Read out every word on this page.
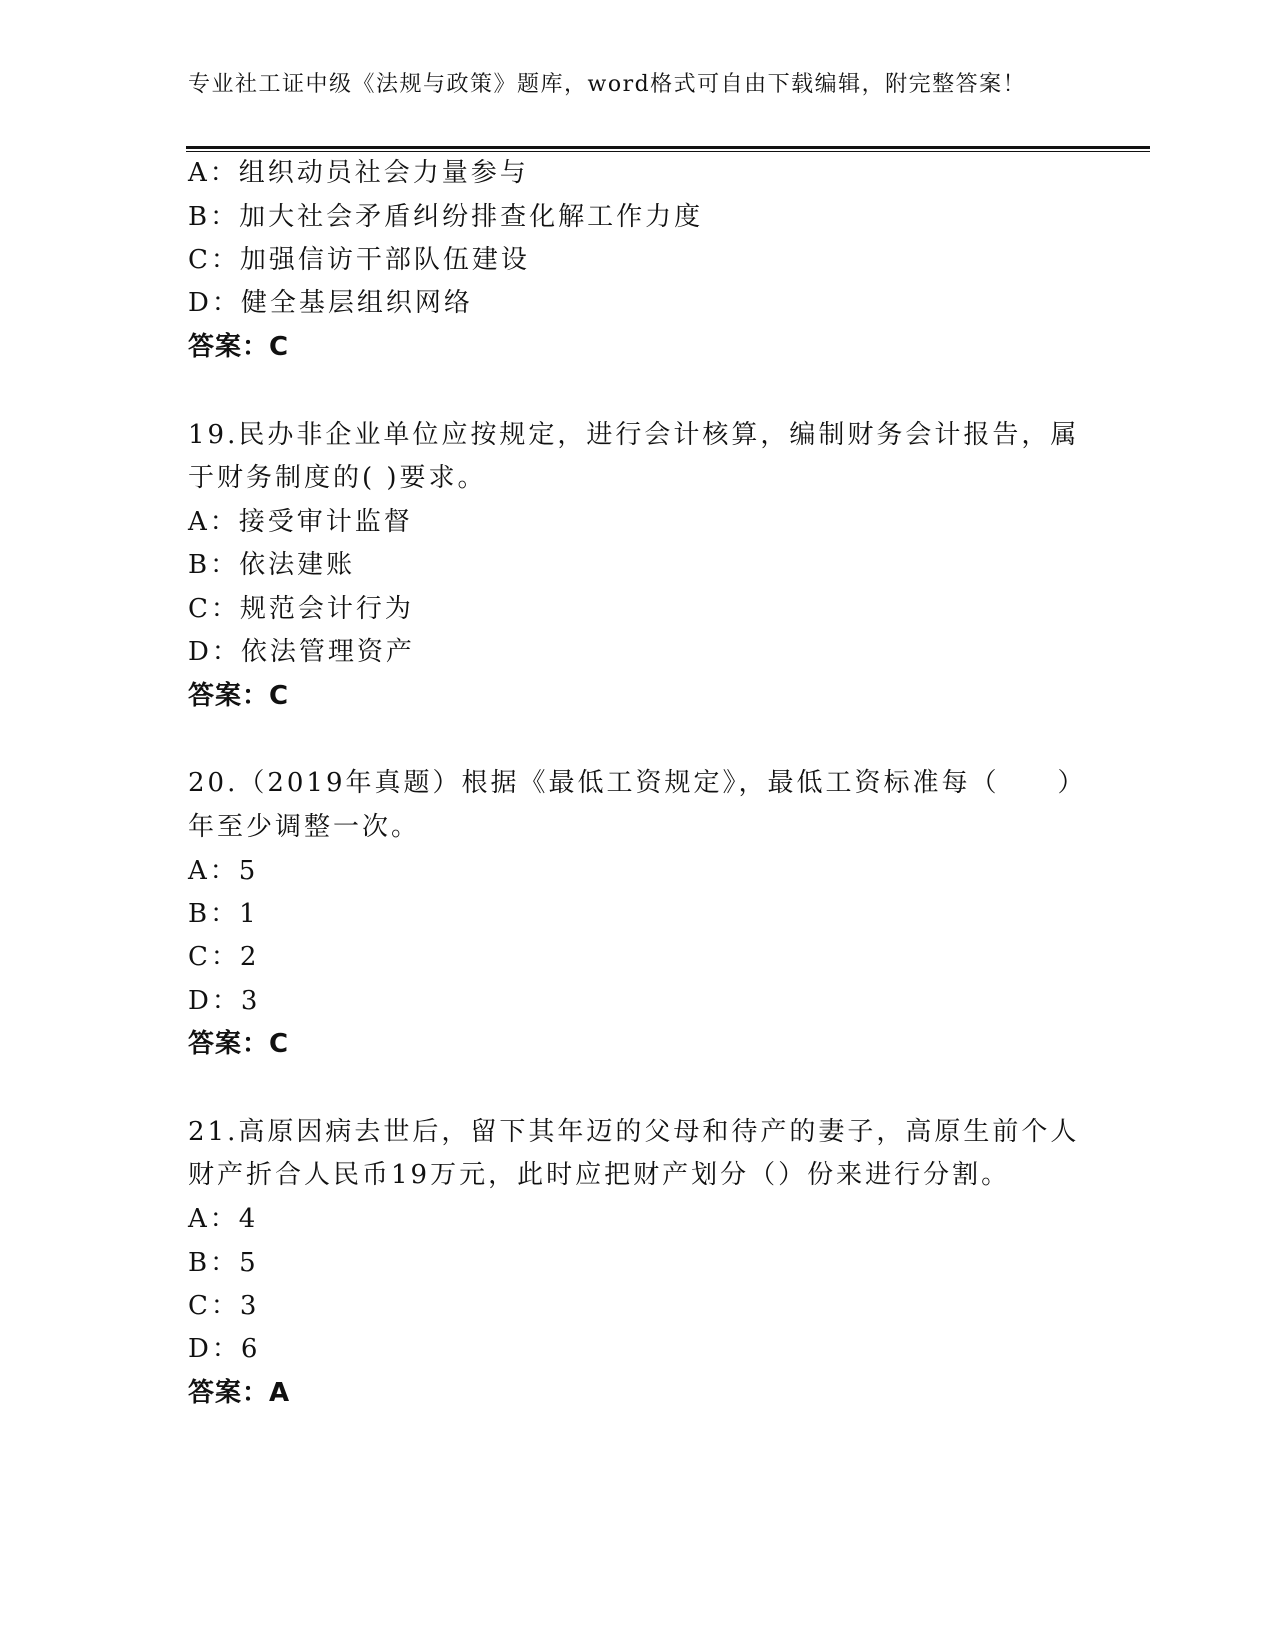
专业社工证中级《法规与政策》题库，word格式可自由下载编辑，附完整答案！
A：组织动员社会力量参与
B：加大社会矛盾纠纷排查化解工作力度
C：加强信访干部队伍建设
D：健全基层组织网络
答案：C
19.民办非企业单位应按规定，进行会计核算，编制财务会计报告，属
于财务制度的( )要求。
A：接受审计监督
B：依法建账
C：规范会计行为
D：依法管理资产
答案：C
20.（2019年真题）根据《最低工资规定》，最低工资标准每（　　）
年至少调整一次。
A：5
B：1
C：2
D：3
答案：C
21.高原因病去世后，留下其年迈的父母和待产的妻子，高原生前个人
财产折合人民币19万元，此时应把财产划分（）份来进行分割。
A：4
B：5
C：3
D：6
答案：A
